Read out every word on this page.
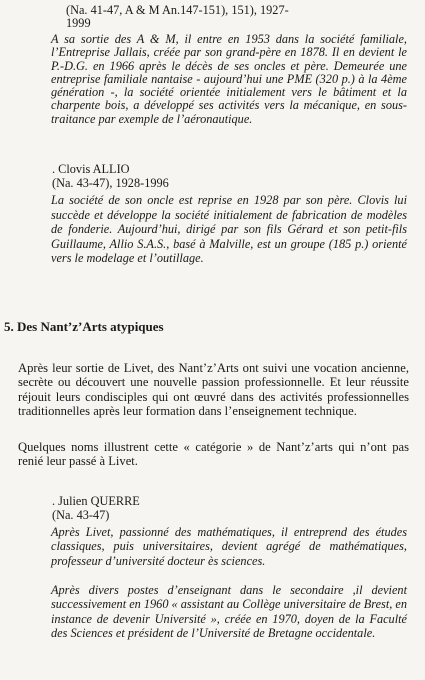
(Na. 41-47, A & M An.147-151), 151), 1927-
1999

A sa sortie des A & M, il entre en 1953 dans la société familiale, l’Entreprise Jallais, créée par son grand-père en 1878. Il en devient le P.-D.G. en 1966 après le décès de ses oncles et père. Demeurée une entreprise familiale nantaise - aujourd’hui une PME (320 p.) à la 4ème génération -, la société orientée initialement vers le bâtiment et la charpente bois, a développé ses activités vers la mécanique, en sous-traitance par exemple de l’aéronautique.

. Clovis ALLIO
(Na. 43-47), 1928-1996

La société de son oncle est reprise en 1928 par son père. Clovis lui succède et développe la société initialement de fabrication de modèles de fonderie. Aujourd’hui, dirigé par son fils Gérard et son petit-fils Guillaume, Allio S.A.S., basé à Malville, est un groupe (185 p.) orienté vers le modelage et l’outillage.

5. Des Nant’z’Arts atypiques

Après leur sortie de Livet, des Nant’z’Arts ont suivi une vocation ancienne, secrète ou découvert une nouvelle passion professionnelle. Et leur réussite réjouit leurs condisciples qui ont œuvré dans des activités professionnelles traditionnelles après leur formation dans l’enseignement technique.

Quelques noms illustrent cette « catégorie » de Nant’z’arts qui n’ont pas renié leur passé à Livet.

. Julien QUERRE
(Na. 43-47)

Après Livet, passionné des mathématiques, il entreprend des études classiques, puis universitaires, devient agrégé de mathématiques, professeur d’université docteur ès sciences.

Après divers postes d’enseignant dans le secondaire ,il devient successivement en 1960 « assistant au Collège universitaire de Brest, en instance de devenir Université », créée en 1970, doyen de la Faculté des Sciences et président de l’Université de Bretagne occidentale.
